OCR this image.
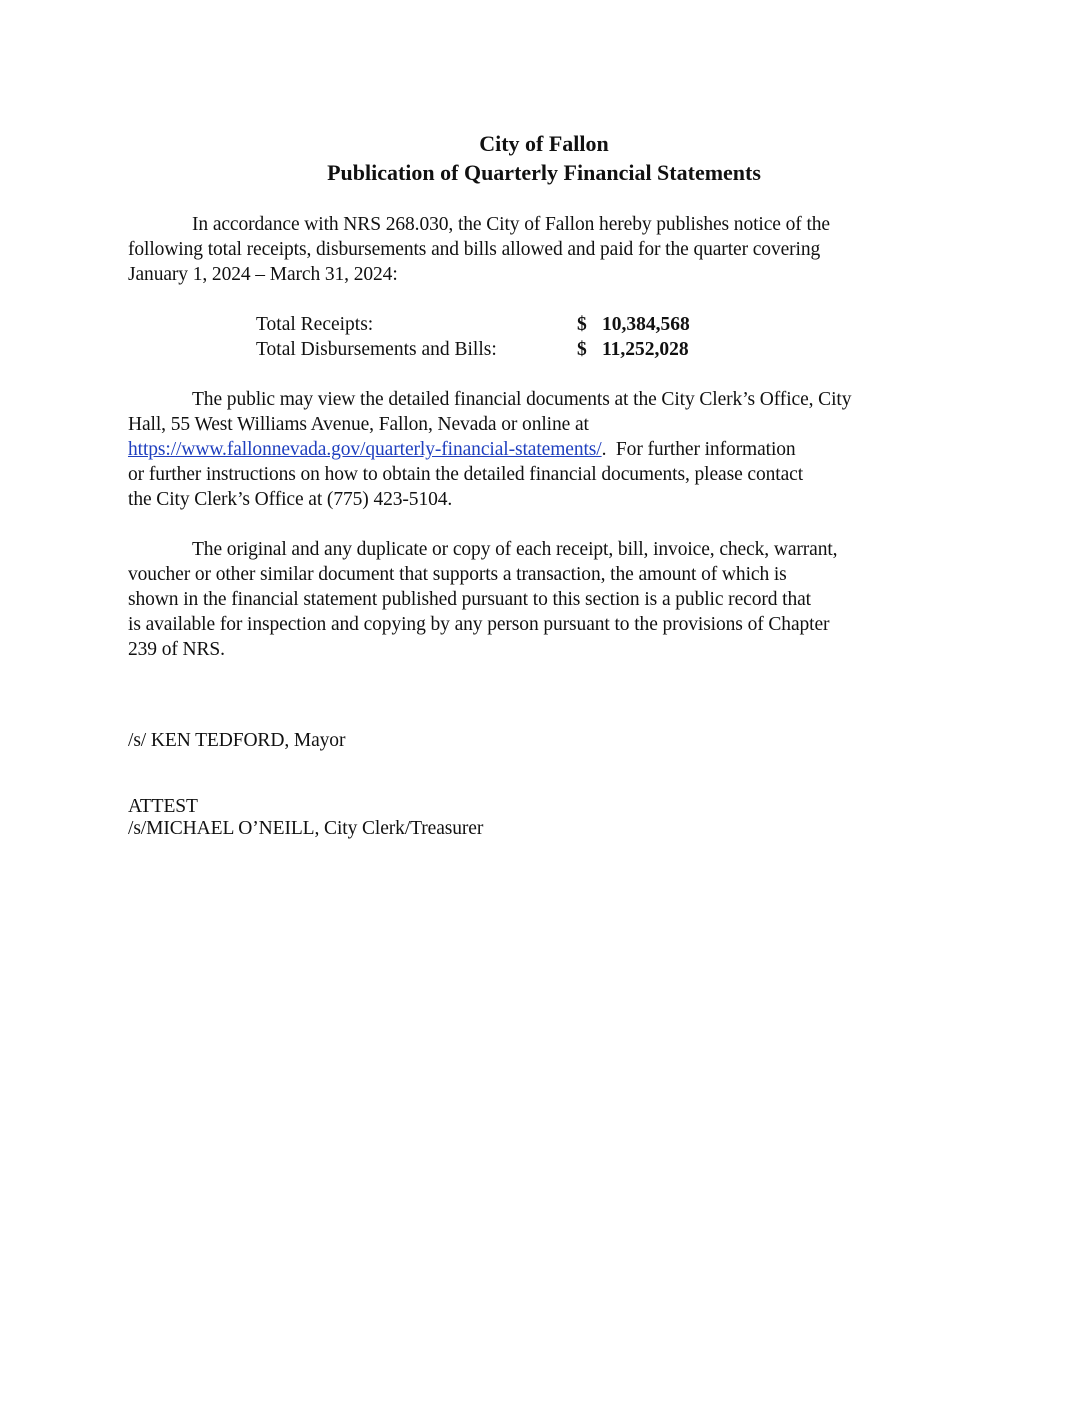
City of Fallon
Publication of Quarterly Financial Statements
In accordance with NRS 268.030, the City of Fallon hereby publishes notice of the
following total receipts, disbursements and bills allowed and paid for the quarter covering
January 1, 2024 – March 31, 2024:
Total Receipts:	$ 10,384,568
Total Disbursements and Bills:	$ 11,252,028
The public may view the detailed financial documents at the City Clerk’s Office, City
Hall, 55 West Williams Avenue, Fallon, Nevada or online at
https://www.fallonnevada.gov/quarterly-financial-statements/.  For further information
or further instructions on how to obtain the detailed financial documents, please contact
the City Clerk’s Office at (775) 423-5104.
The original and any duplicate or copy of each receipt, bill, invoice, check, warrant,
voucher or other similar document that supports a transaction, the amount of which is
shown in the financial statement published pursuant to this section is a public record that
is available for inspection and copying by any person pursuant to the provisions of Chapter
239 of NRS.
/s/ KEN TEDFORD, Mayor
ATTEST
/s/MICHAEL O’NEILL, City Clerk/Treasurer
